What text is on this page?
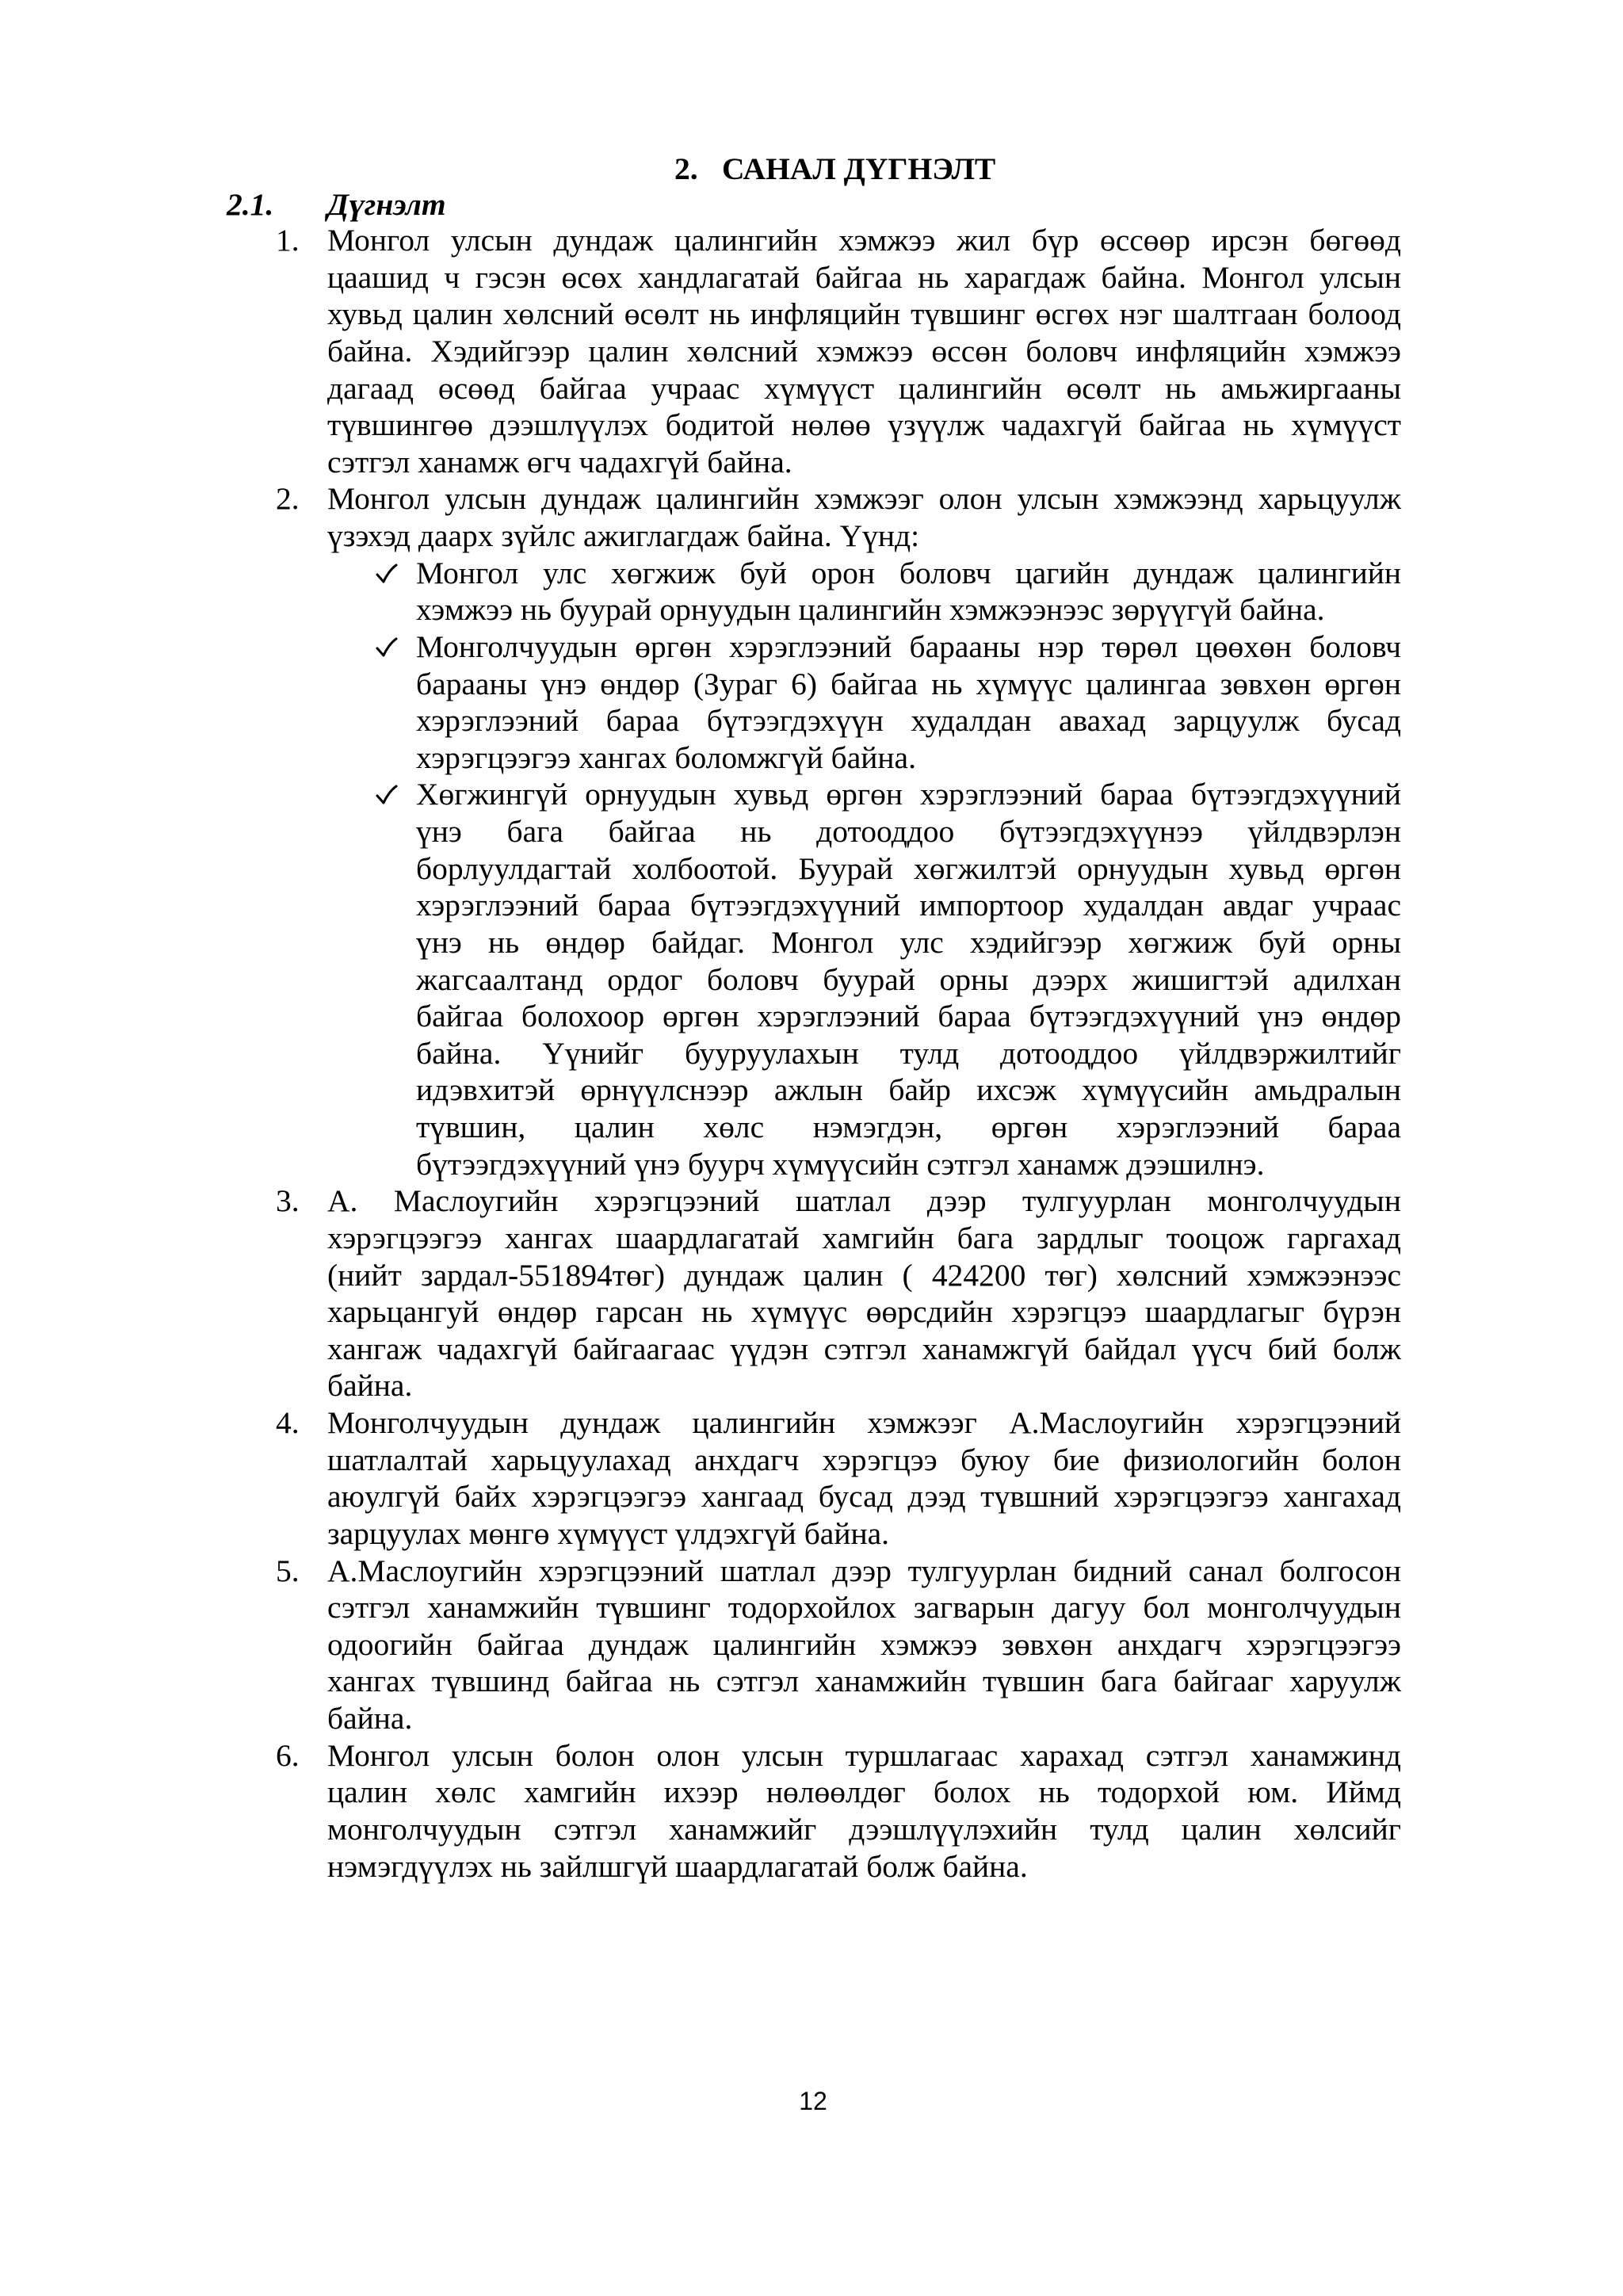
2. САНАЛ ДҮГНЭЛТ
2.1. Дүгнэлт
1. Монгол улсын дундаж цалингийн хэмжээ жил бүр өссөөр ирсэн бөгөөд
цаашид ч гэсэн өсөх хандлагатай байгаа нь харагдаж байна. Монгол улсын
хувьд цалин хөлсний өсөлт нь инфляцийн түвшинг өсгөх нэг шалтгаан болоод
байна. Хэдийгээр цалин хөлсний хэмжээ өссөн боловч инфляцийн хэмжээ
дагаад өсөөд байгаа учраас хүмүүст цалингийн өсөлт нь амьжиргааны
түвшингөө дээшлүүлэх бодитой нөлөө үзүүлж чадахгүй байгаа нь хүмүүст
сэтгэл ханамж өгч чадахгүй байна.
2. Монгол улсын дундаж цалингийн хэмжээг олон улсын хэмжээнд харьцуулж
үзэхэд даарх зүйлс ажиглагдаж байна. Үүнд:
Монгол улс хөгжиж буй орон боловч цагийн дундаж цалингийн
хэмжээ нь буурай орнуудын цалингийн хэмжээнээс зөрүүгүй байна.
Монголчуудын өргөн хэрэглээний барааны нэр төрөл цөөхөн боловч
барааны үнэ өндөр (Зураг 6) байгаа нь хүмүүс цалингаа зөвхөн өргөн
хэрэглээний бараа бүтээгдэхүүн худалдан авахад зарцуулж бусад
хэрэгцээгээ хангах боломжгүй байна.
Хөгжингүй орнуудын хувьд өргөн хэрэглээний бараа бүтээгдэхүүний
үнэ бага байгаа нь дотооддоо бүтээгдэхүүнээ үйлдвэрлэн
борлуулдагтай холбоотой. Буурай хөгжилтэй орнуудын хувьд өргөн
хэрэглээний бараа бүтээгдэхүүний импортоор худалдан авдаг учраас
үнэ нь өндөр байдаг. Монгол улс хэдийгээр хөгжиж буй орны
жагсаалтанд ордог боловч буурай орны дээрх жишигтэй адилхан
байгаа болохоор өргөн хэрэглээний бараа бүтээгдэхүүний үнэ өндөр
байна. Үүнийг бууруулахын тулд дотооддоо үйлдвэржилтийг
идэвхитэй өрнүүлснээр ажлын байр ихсэж хүмүүсийн амьдралын
түвшин, цалин хөлс нэмэгдэн, өргөн хэрэглээний бараа
бүтээгдэхүүний үнэ буурч хүмүүсийн сэтгэл ханамж дээшилнэ.
3. А. Маслоугийн хэрэгцээний шатлал дээр тулгуурлан монголчуудын
хэрэгцээгээ хангах шаардлагатай хамгийн бага зардлыг тооцож гаргахад
(нийт зардал-551894төг) дундаж цалин ( 424200 төг) хөлсний хэмжээнээс
харьцангуй өндөр гарсан нь хүмүүс өөрсдийн хэрэгцээ шаардлагыг бүрэн
хангаж чадахгүй байгаагаас үүдэн сэтгэл ханамжгүй байдал үүсч бий болж
байна.
4. Монголчуудын дундаж цалингийн хэмжээг А.Маслоугийн хэрэгцээний
шатлалтай харьцуулахад анхдагч хэрэгцээ буюу бие физиологийн болон
аюулгүй байх хэрэгцээгээ хангаад бусад дээд түвшний хэрэгцээгээ хангахад
зарцуулах мөнгө хүмүүст үлдэхгүй байна.
5. А.Маслоугийн хэрэгцээний шатлал дээр тулгуурлан бидний санал болгосон
сэтгэл ханамжийн түвшинг тодорхойлох загварын дагуу бол монголчуудын
одоогийн байгаа дундаж цалингийн хэмжээ зөвхөн анхдагч хэрэгцээгээ
хангах түвшинд байгаа нь сэтгэл ханамжийн түвшин бага байгааг харуулж
байна.
6. Монгол улсын болон олон улсын туршлагаас харахад сэтгэл ханамжинд
цалин хөлс хамгийн ихээр нөлөөлдөг болох нь тодорхой юм. Иймд
монголчуудын сэтгэл ханамжийг дээшлүүлэхийн тулд цалин хөлсийг
нэмэгдүүлэх нь зайлшгүй шаардлагатай болж байна.
12
